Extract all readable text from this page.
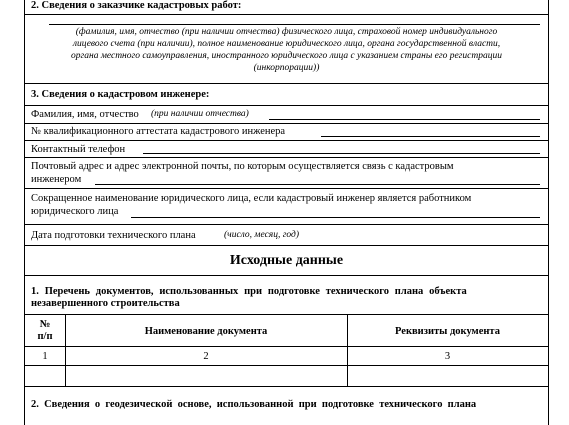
2. Сведения о заказчике кадастровых работ:
(фамилия, имя, отчество (при наличии отчества) физического лица, страховой номер индивидуального
лицевого счета (при наличии), полное наименование юридического лица, органа государственной власти,
органа местного самоуправления, иностранного юридического лица с указанием страны его регистрации
(инкорпорации))
3. Сведения о кадастровом инженере:
Фамилия, имя, отчество (при наличии отчества)
№ квалификационного аттестата кадастрового инженера
Контактный телефон
Почтовый адрес и адрес электронной почты, по которым осуществляется связь с кадастровым
инженером
Сокращенное наименование юридического лица, если кадастровый инженер является работником
юридического лица
Дата подготовки технического плана	(число, месяц, год)
Исходные данные
1. Перечень документов, использованных при подготовке технического плана объекта
незавершенного строительства
№
п/п	Наименование документа	Реквизиты документа
1	2	3
2. Сведения о геодезической основе, использованной при подготовке технического плана
